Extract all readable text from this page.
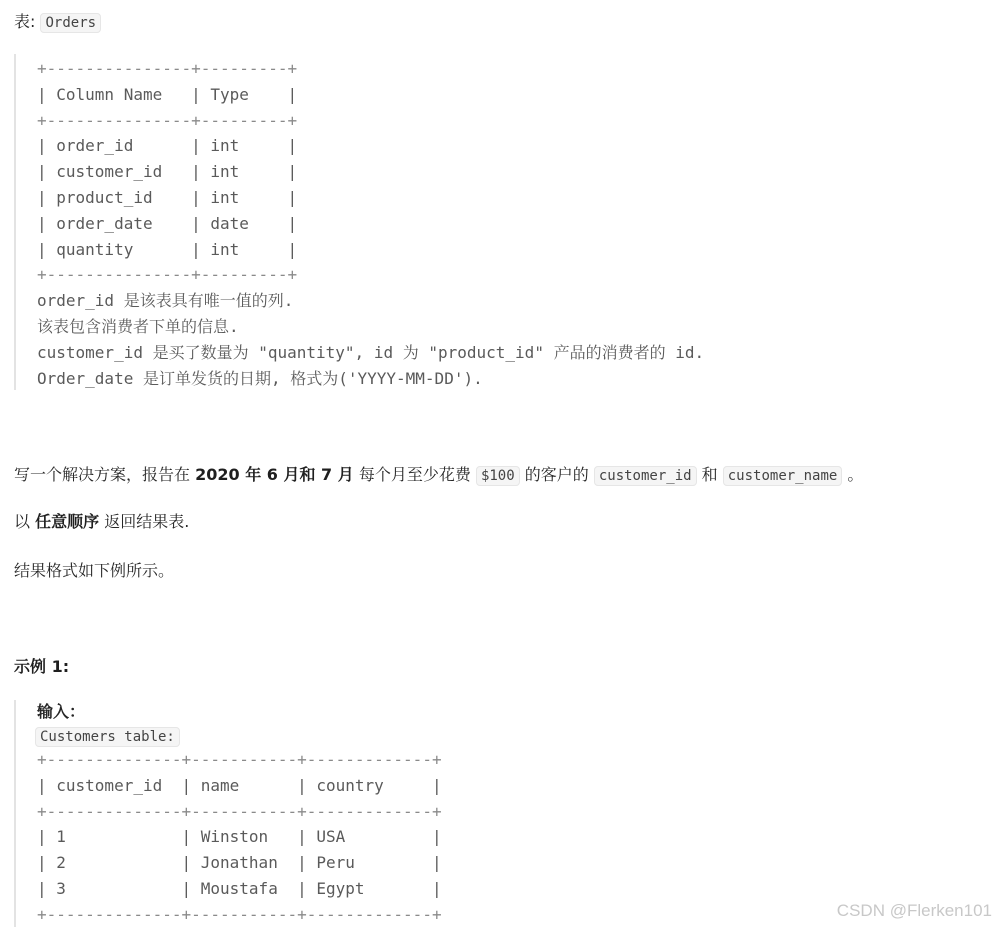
表: Orders
+---------------+---------+
| Column Name   | Type    |
+---------------+---------+
| order_id      | int     |
| customer_id   | int     |
| product_id    | int     |
| order_date    | date    |
| quantity      | int     |
+---------------+---------+
order_id 是该表具有唯一值的列.
该表包含消费者下单的信息.
customer_id 是买了数量为 "quantity", id 为 "product_id" 产品的消费者的 id.
Order_date 是订单发货的日期, 格式为('YYYY-MM-DD').
写一个解决方案，报告在 2020 年 6 月和 7 月 每个月至少花费 $100 的客户的 customer_id 和 customer_name 。
以 任意顺序 返回结果表.
结果格式如下例所示。
示例 1:
输入：
Customers table:
+--------------+-----------+-------------+
| customer_id  | name      | country     |
+--------------+-----------+-------------+
| 1            | Winston   | USA         |
| 2            | Jonathan  | Peru        |
| 3            | Moustafa  | Egypt       |
+--------------+-----------+-------------+	CSDN @Flerken101
